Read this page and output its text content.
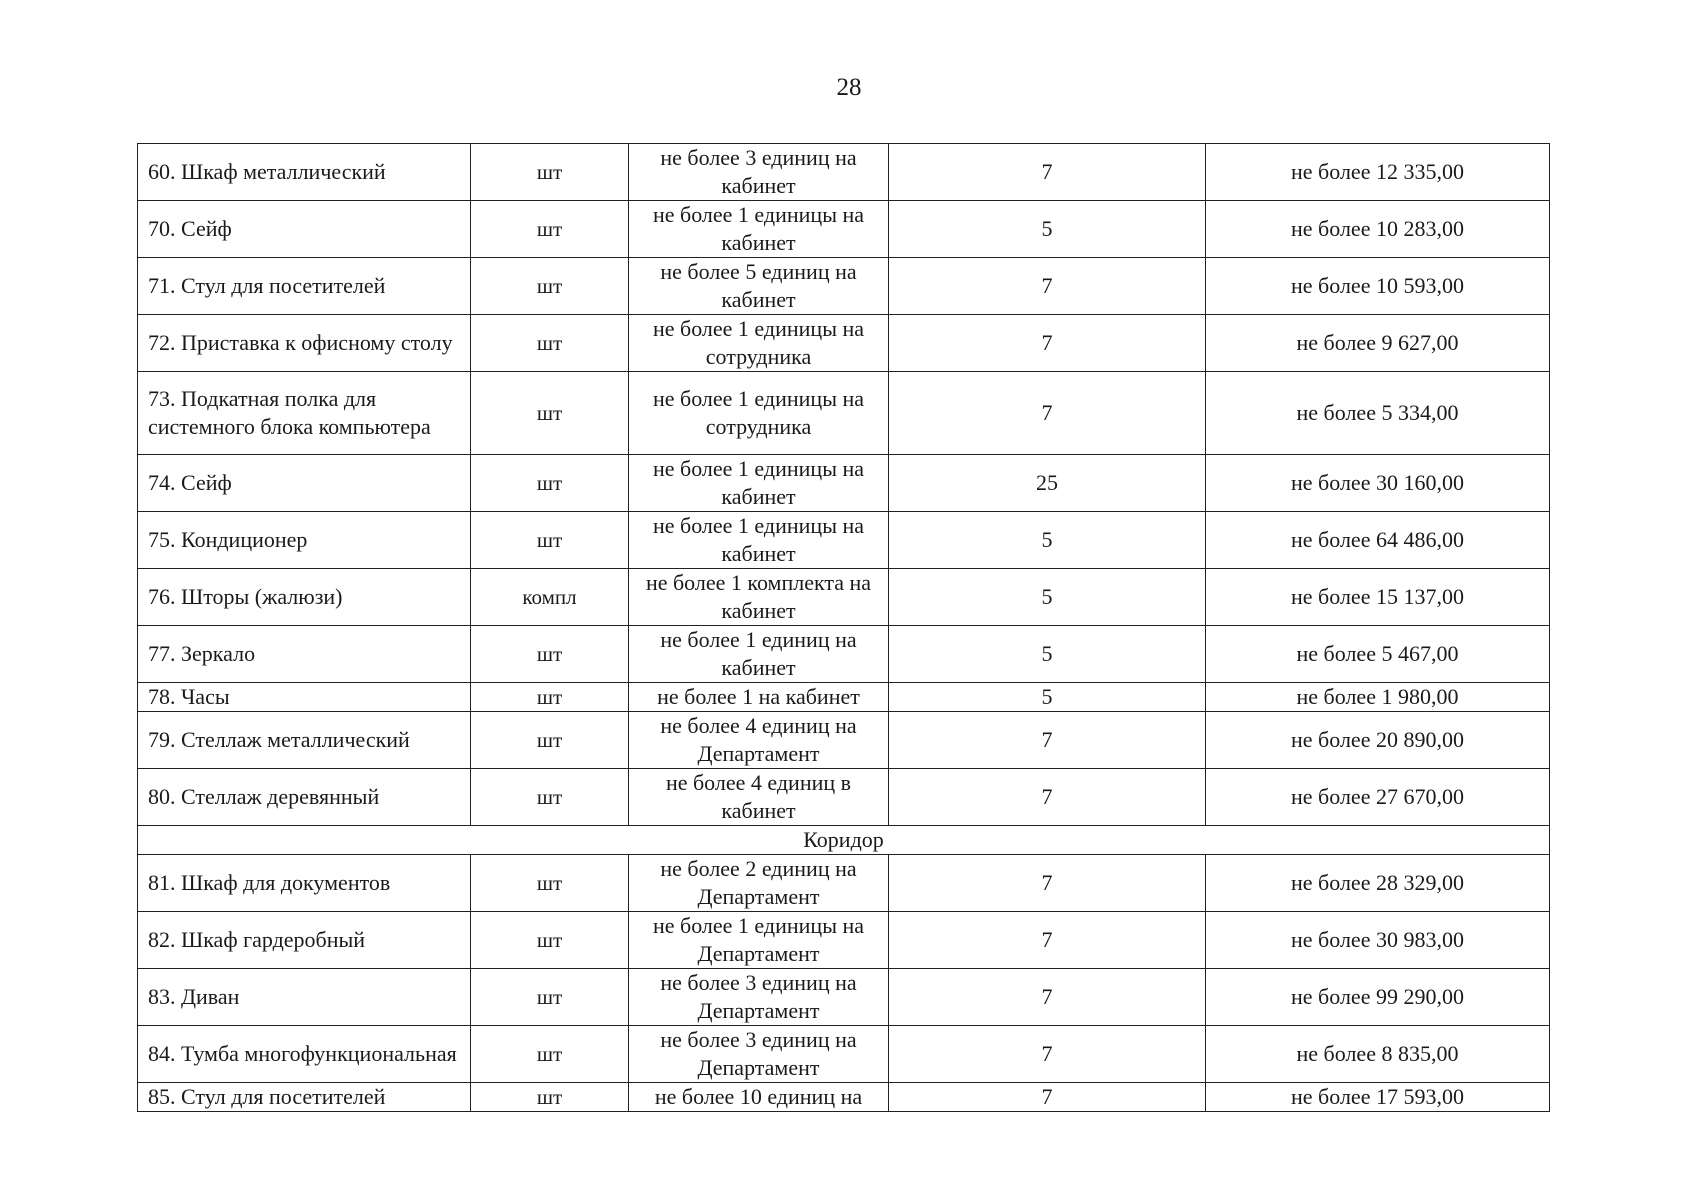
28
60. Шкаф металлический	шт	не более 3 единиц на кабинет	7	не более 12 335,00
70. Сейф	шт	не более 1 единицы на кабинет	5	не более 10 283,00
71. Стул для посетителей	шт	не более 5 единиц на кабинет	7	не более 10 593,00
72. Приставка к офисному столу	шт	не более 1 единицы на сотрудника	7	не более 9 627,00
73. Подкатная полка для системного блока компьютера	шт	не более 1 единицы на сотрудника	7	не более 5 334,00
74. Сейф	шт	не более 1 единицы на кабинет	25	не более 30 160,00
75. Кондиционер	шт	не более 1 единицы на кабинет	5	не более 64 486,00
76. Шторы (жалюзи)	компл	не более 1 комплекта на кабинет	5	не более 15 137,00
77. Зеркало	шт	не более 1 единиц на кабинет	5	не более 5 467,00
78. Часы	шт	не более 1 на кабинет	5	не более 1 980,00
79. Стеллаж металлический	шт	не более 4 единиц на Департамент	7	не более 20 890,00
80. Стеллаж деревянный	шт	не более 4 единиц в кабинет	7	не более 27 670,00
Коридор				
81. Шкаф для документов	шт	не более 2 единиц на Департамент	7	не более 28 329,00
82. Шкаф гардеробный	шт	не более 1 единицы на Департамент	7	не более 30 983,00
83. Диван	шт	не более 3 единиц на Департамент	7	не более 99 290,00
84. Тумба многофункциональная	шт	не более 3 единиц на Департамент	7	не более 8 835,00
85. Стул для посетителей	шт	не более 10 единиц на	7	не более 17 593,00
